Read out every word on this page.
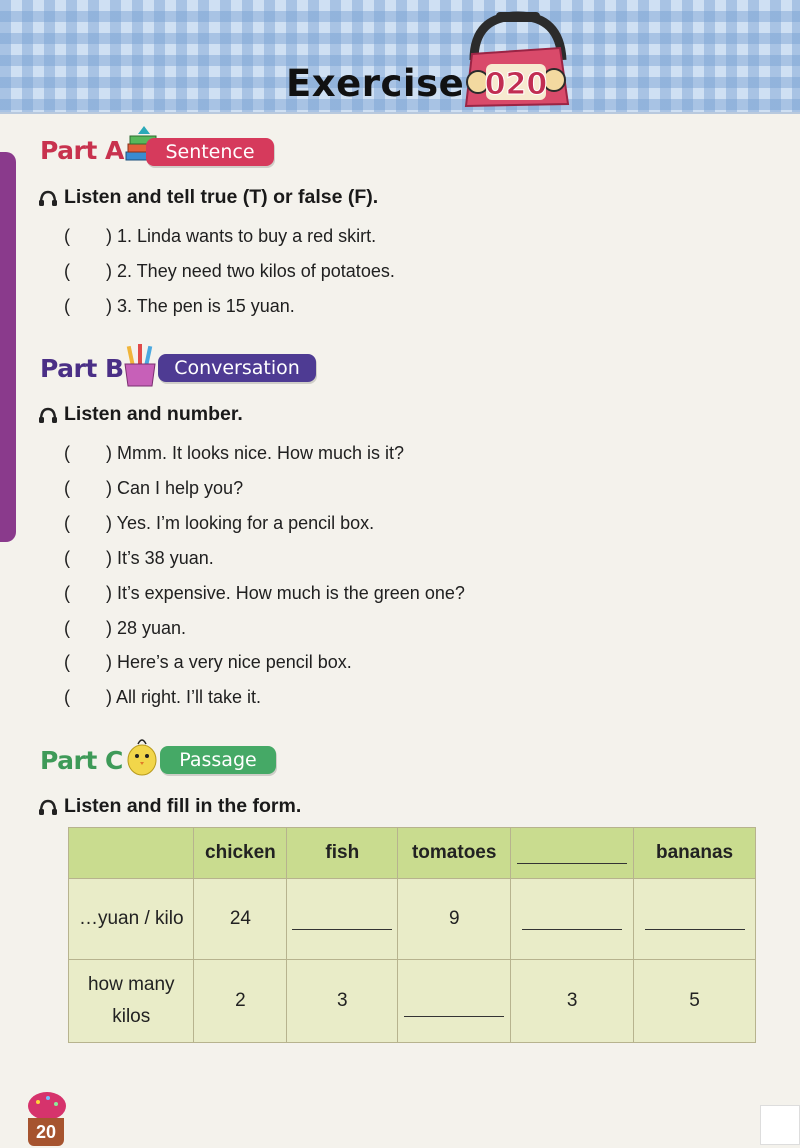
Exercise 020
Part A	Sentence
Listen and tell true (T) or false (F).
( ) 1. Linda wants to buy a red skirt.
( ) 2. They need two kilos of potatoes.
( ) 3. The pen is 15 yuan.
Part B	Conversation
Listen and number.
( ) Mmm. It looks nice. How much is it?
( ) Can I help you?
( ) Yes. I’m looking for a pencil box.
( ) It’s 38 yuan.
( ) It’s expensive. How much is the green one?
( ) 28 yuan.
( ) Here’s a very nice pencil box.
( ) All right. I’ll take it.
Part C	Passage
Listen and fill in the form.
	chicken	fish	tomatoes		bananas
…yuan / kilo	24		9		
how many
kilos	2	3		3	5
20
